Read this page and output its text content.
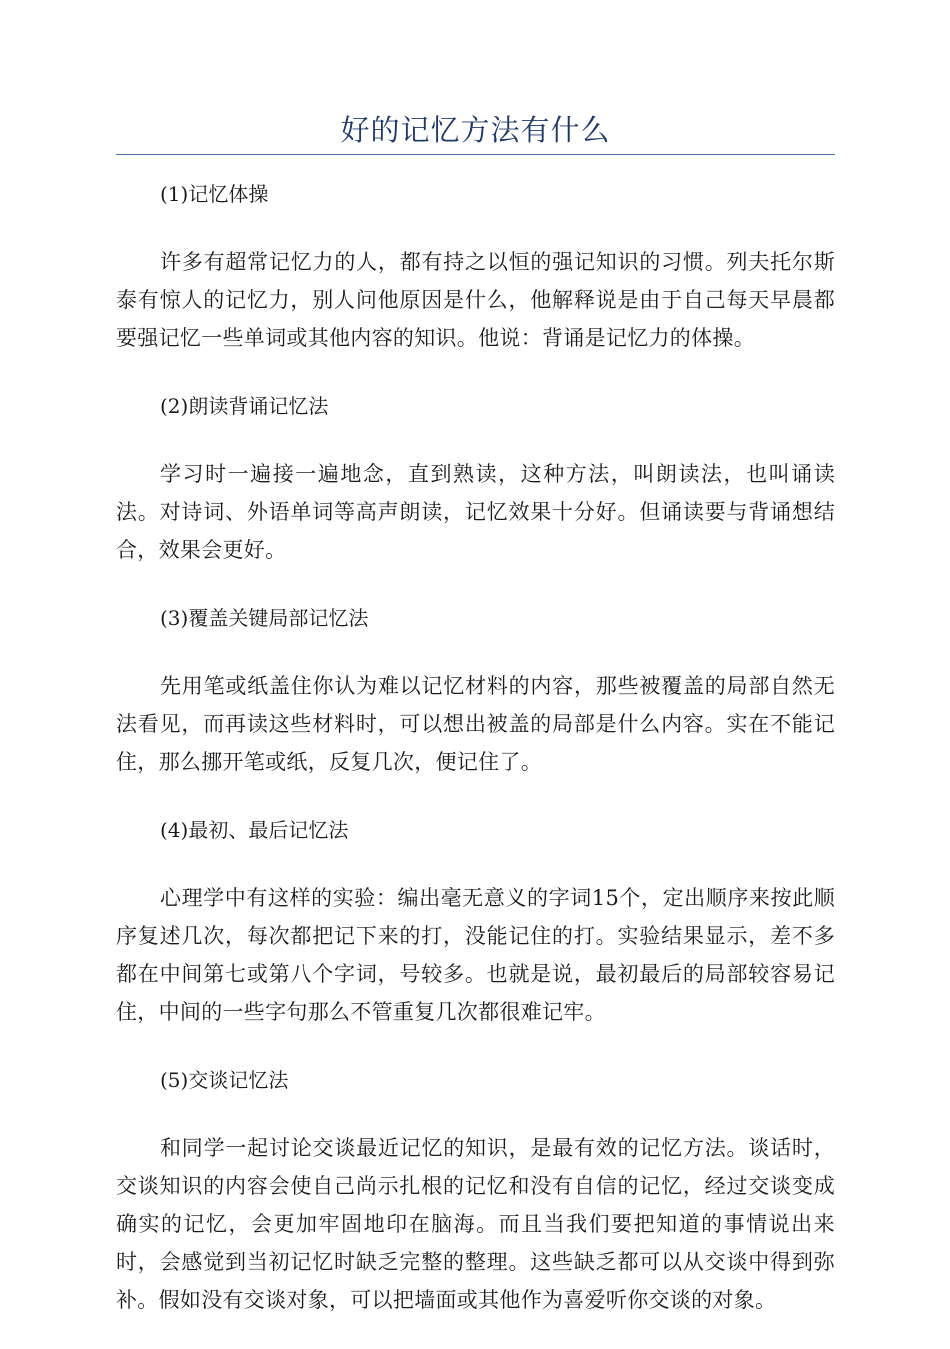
好的记忆方法有什么

(1)记忆体操

许多有超常记忆力的人，都有持之以恒的强记知识的习惯。列夫托尔斯泰有惊人的记忆力，别人问他原因是什么，他解释说是由于自己每天早晨都要强记忆一些单词或其他内容的知识。他说：背诵是记忆力的体操。

(2)朗读背诵记忆法

学习时一遍接一遍地念，直到熟读，这种方法，叫朗读法，也叫诵读法。对诗词、外语单词等高声朗读，记忆效果十分好。但诵读要与背诵想结合，效果会更好。

(3)覆盖关键局部记忆法

先用笔或纸盖住你认为难以记忆材料的内容，那些被覆盖的局部自然无法看见，而再读这些材料时，可以想出被盖的局部是什么内容。实在不能记住，那么挪开笔或纸，反复几次，便记住了。

(4)最初、最后记忆法

心理学中有这样的实验：编出毫无意义的字词15个，定出顺序来按此顺序复述几次，每次都把记下来的打，没能记住的打。实验结果显示，差不多都在中间第七或第八个字词，号较多。也就是说，最初最后的局部较容易记住，中间的一些字句那么不管重复几次都很难记牢。

(5)交谈记忆法

和同学一起讨论交谈最近记忆的知识，是最有效的记忆方法。谈话时，交谈知识的内容会使自己尚示扎根的记忆和没有自信的记忆，经过交谈变成确实的记忆，会更加牢固地印在脑海。而且当我们要把知道的事情说出来时，会感觉到当初记忆时缺乏完整的整理。这些缺乏都可以从交谈中得到弥补。假如没有交谈对象，可以把墙面或其他作为喜爱听你交谈的对象。
